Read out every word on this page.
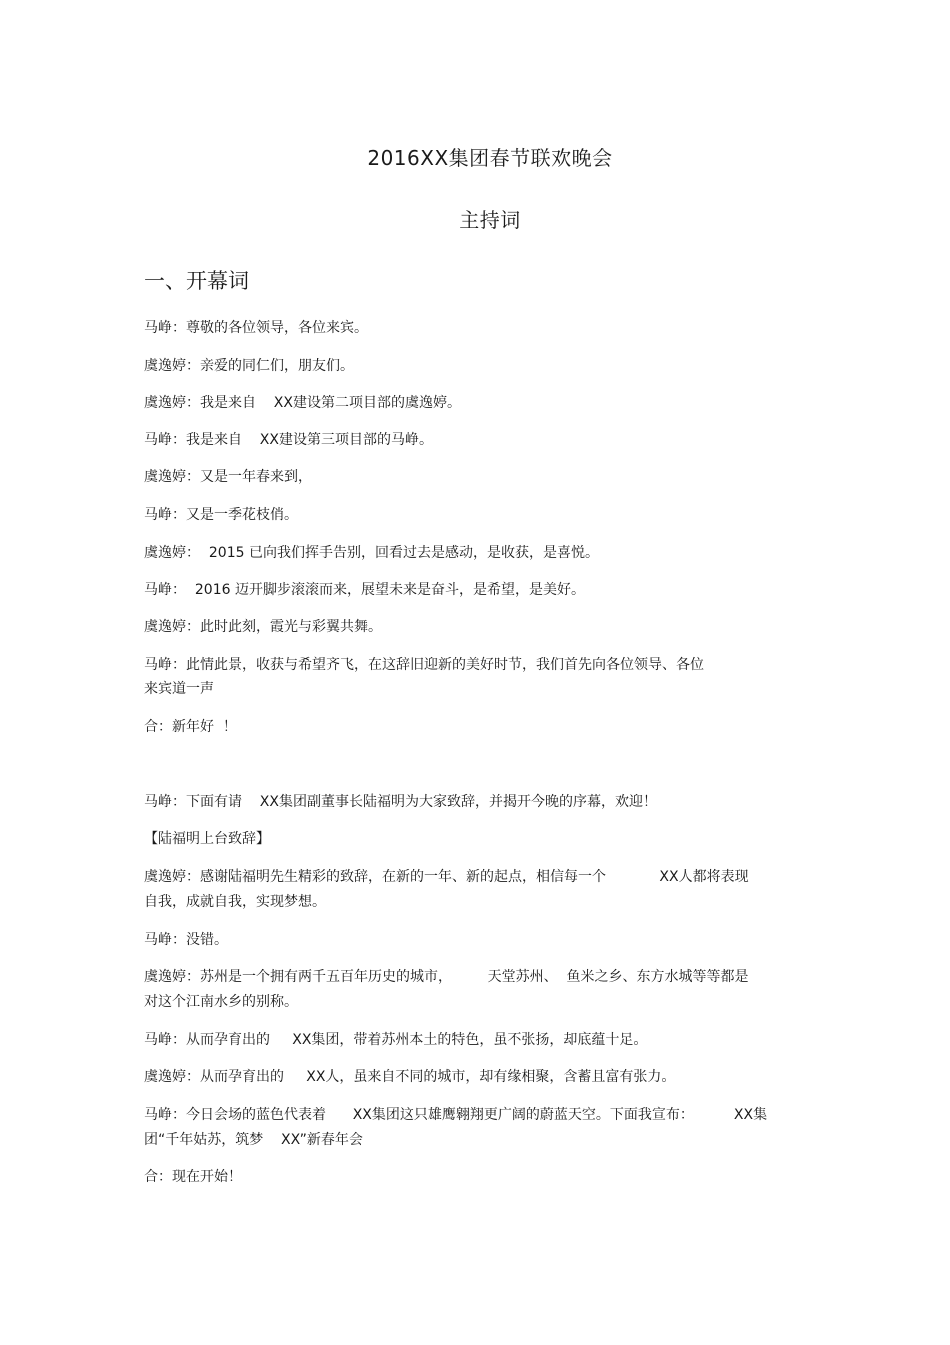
2016XX集团春节联欢晚会
主持词
一、开幕词
马峥：尊敬的各位领导，各位来宾。
虞逸婷：亲爱的同仁们，朋友们。
虞逸婷：我是来自    XX建设第二项目部的虞逸婷。
马峥：我是来自    XX建设第三项目部的马峥。
虞逸婷：又是一年春来到，
马峥：又是一季花枝俏。
虞逸婷：  2015 已向我们挥手告别，回看过去是感动，是收获，是喜悦。
马峥：  2016 迈开脚步滚滚而来，展望未来是奋斗，是希望，是美好。
虞逸婷：此时此刻，霞光与彩翼共舞。
马峥：此情此景，收获与希望齐飞，在这辞旧迎新的美好时节，我们首先向各位领导、各位
来宾道一声
合：新年好  ！
马峥：下面有请    XX集团副董事长陆福明为大家致辞，并揭开今晚的序幕，欢迎！
【陆福明上台致辞】
虞逸婷：感谢陆福明先生精彩的致辞，在新的一年、新的起点，相信每一个            XX人都将表现
自我，成就自我，实现梦想。
马峥：没错。
虞逸婷：苏州是一个拥有两千五百年历史的城市，        天堂苏州、  鱼米之乡、东方水城等等都是
对这个江南水乡的别称。
马峥：从而孕育出的     XX集团，带着苏州本土的特色，虽不张扬，却底蕴十足。
虞逸婷：从而孕育出的     XX人，虽来自不同的城市，却有缘相聚，含蓄且富有张力。
马峥：今日会场的蓝色代表着      XX集团这只雄鹰翱翔更广阔的蔚蓝天空。下面我宣布：         XX集
团“千年姑苏，筑梦    XX”新春年会
合：现在开始！
